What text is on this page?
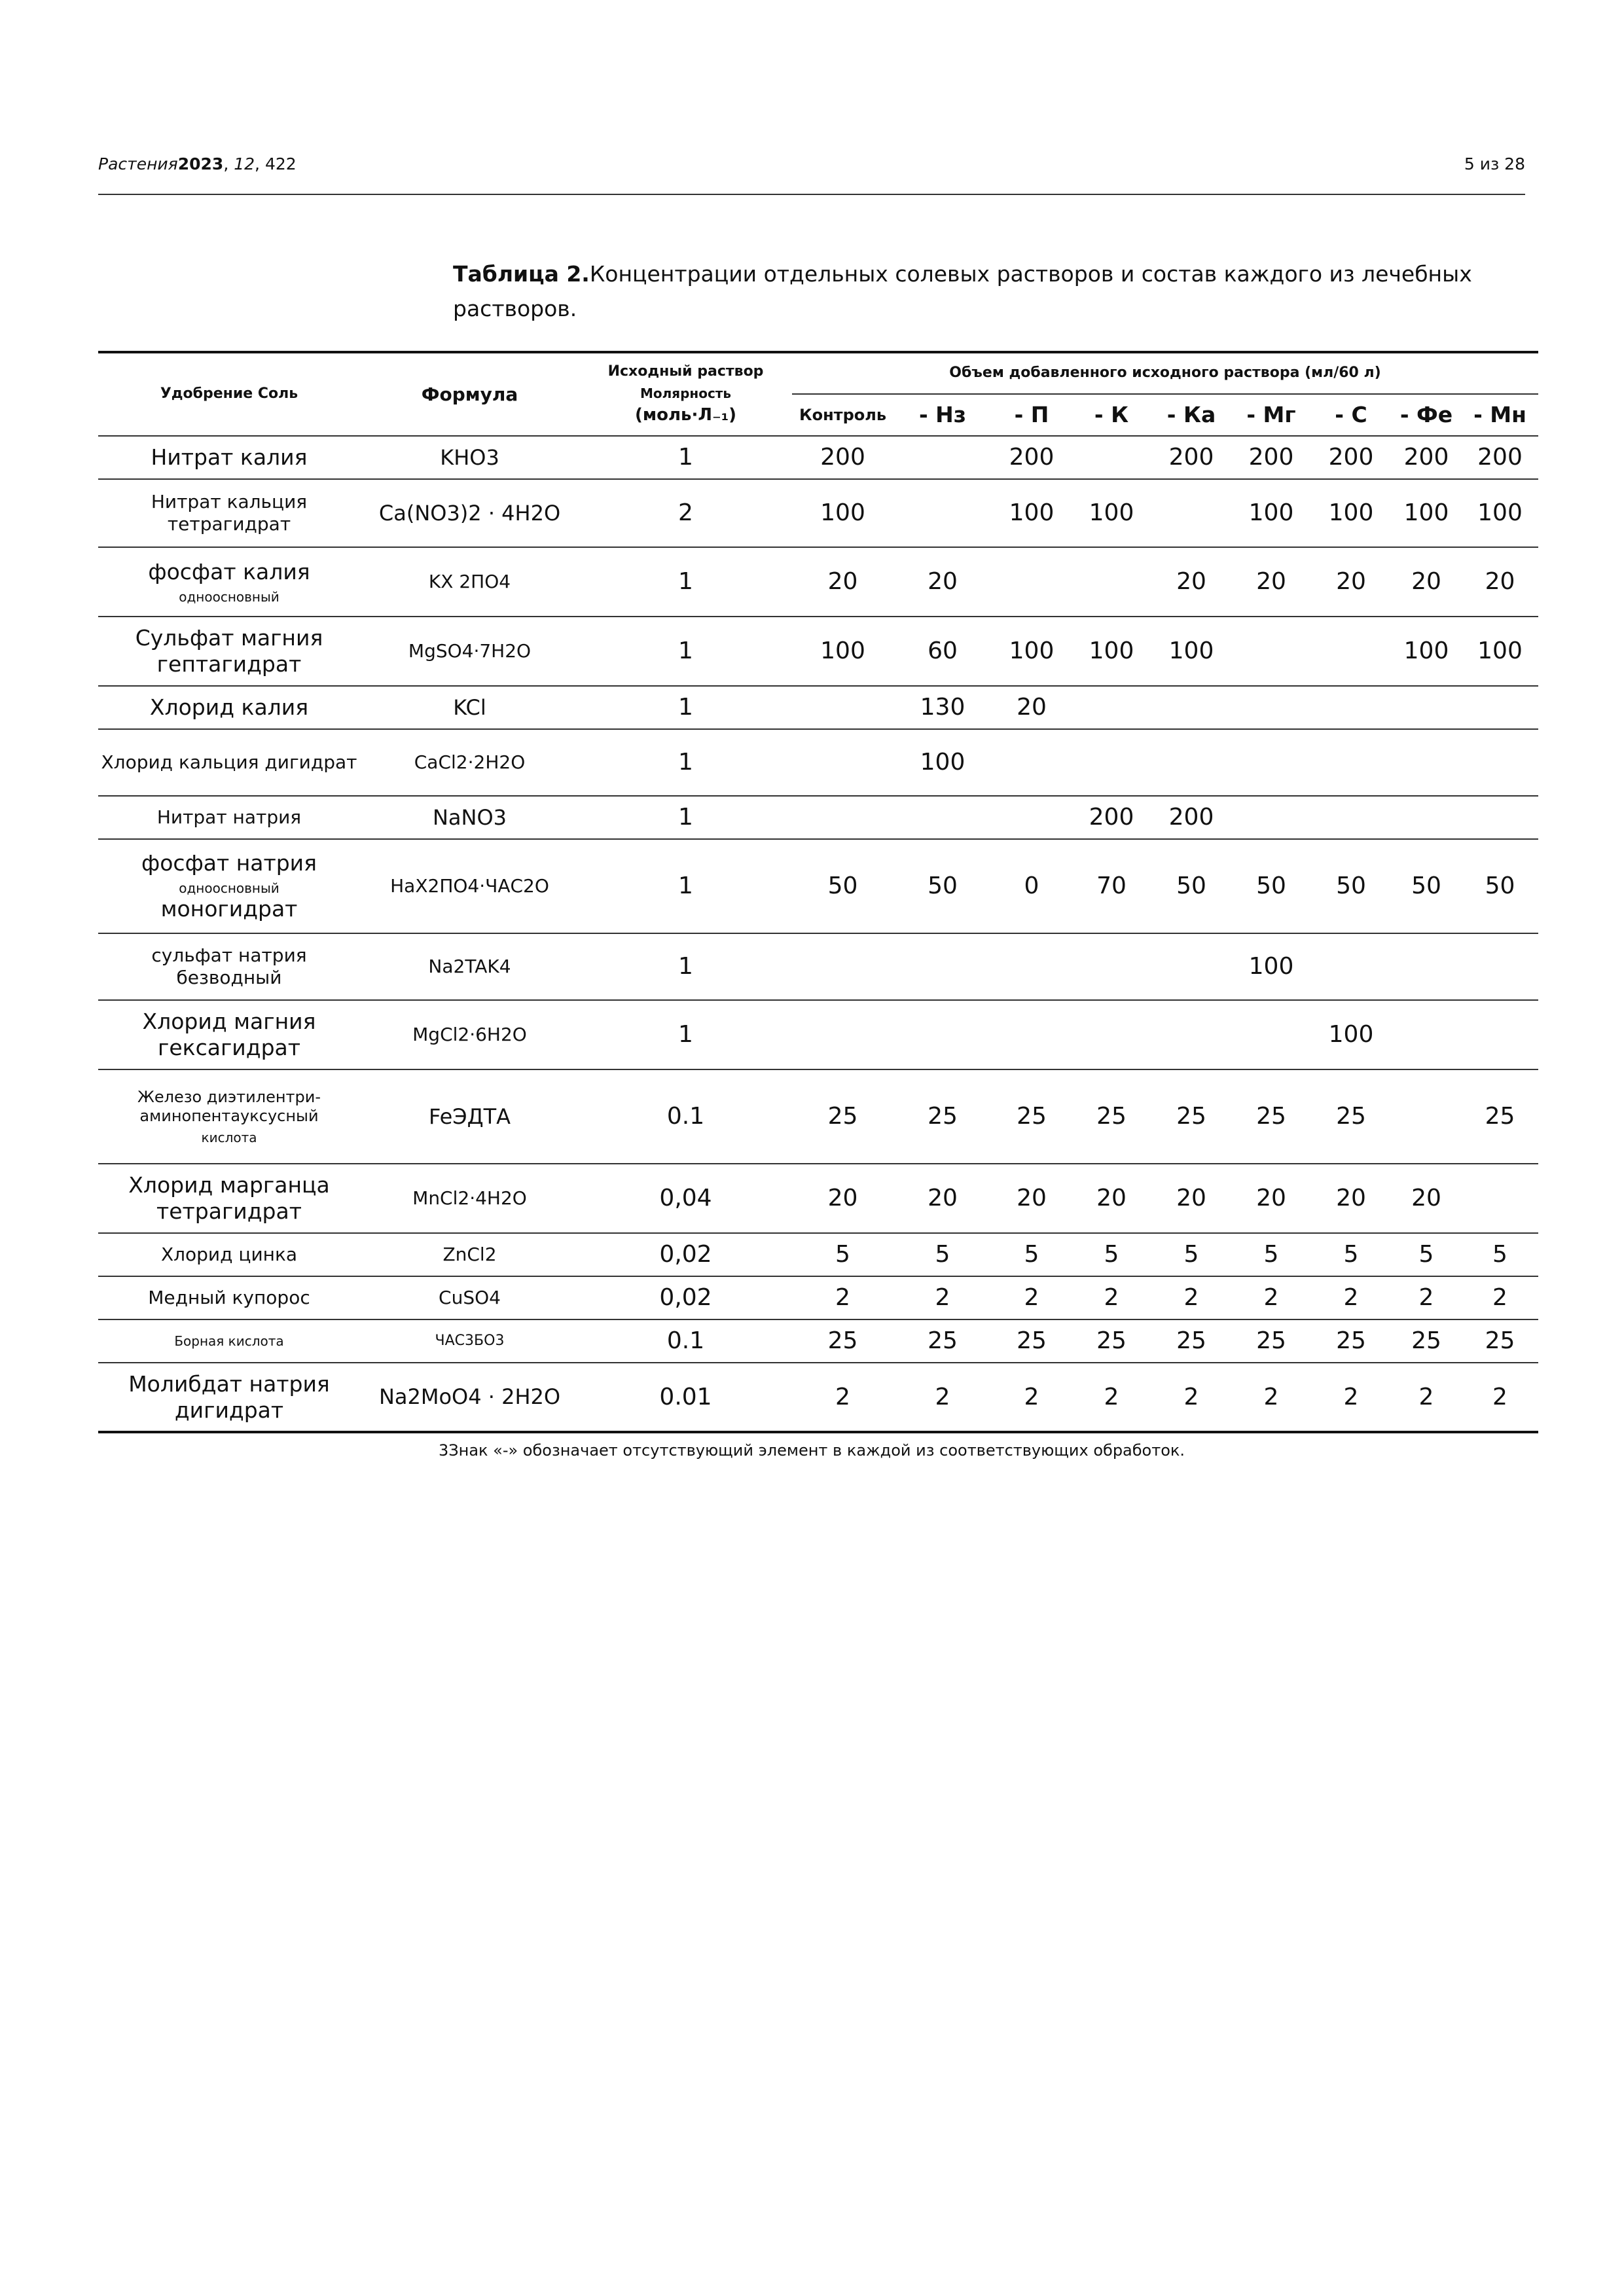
Растения2023, 12, 422	5 из 28
Таблица 2.Концентрации отдельных солевых растворов и состав каждого из лечебных растворов.
Удобрение Соль	Формула	Исходный раствор
Молярность
(моль·Л₋₁)	Объем добавленного исходного раствора (мл/60 л)								
			Контроль	- Нз	- П	- К	- Ка	- Мг	- С	- Фе	- Мн
Нитрат калия	KHO3	1	200		200		200	200	200	200	200
Нитрат кальция тетрагидрат	Ca(NO3)2 · 4H2O	2	100		100	100		100	100	100	100
фосфат калия
одноосновный	KX 2ПO4	1	20	20			20	20	20	20	20
Сульфат магния гептагидрат	MgSO4·7H2O	1	100	60	100	100	100			100	100
Хлорид калия	KCl	1		130	20						
Хлорид кальция дигидрат	CaCl2·2H2O	1		100							
Нитрат натрия	NaNO3	1				200	200				
фосфат натрия
одноосновный
моногидрат	НаХ2ПО4·ЧАС2O	1	50	50	0	70	50	50	50	50	50
сульфат натрия безводный	Na2TAK4	1						100			
Хлорид магния гексагидрат	MgCl2·6H2O	1							100		
Железо диэтилентри-аминопентауксусный
кислота	FeЭДТА	0.1	25	25	25	25	25	25	25		25
Хлорид марганца тетрагидрат	MnCl2·4H2O	0,04	20	20	20	20	20	20	20	20	
Хлорид цинка	ZnCl2	0,02	5	5	5	5	5	5	5	5	5
Медный купорос	CuSO4	0,02	2	2	2	2	2	2	2	2	2
Борная кислота	ЧАС3БО3	0.1	25	25	25	25	25	25	25	25	25
Молибдат натрия дигидрат	Na2MoO4 · 2H2O	0.01	2	2	2	2	2	2	2	2	2
3Знак «-» обозначает отсутствующий элемент в каждой из соответствующих обработок.
